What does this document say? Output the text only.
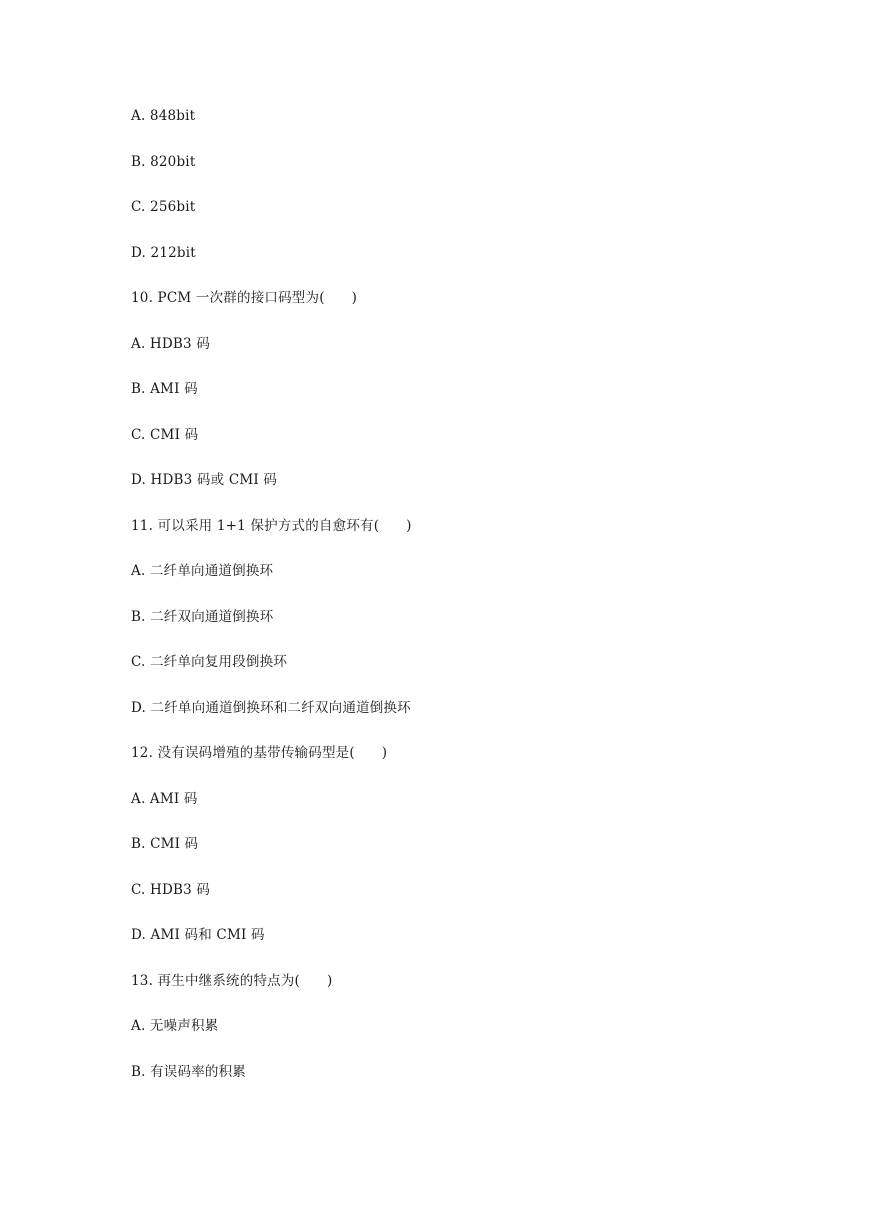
A. 848bit
B. 820bit
C. 256bit
D. 212bit
10. PCM 一次群的接口码型为(      )
A. HDB3 码
B. AMI 码
C. CMI 码
D. HDB3 码或 CMI 码
11. 可以采用 1+1 保护方式的自愈环有(      )
A. 二纤单向通道倒换环
B. 二纤双向通道倒换环
C. 二纤单向复用段倒换环
D. 二纤单向通道倒换环和二纤双向通道倒换环
12. 没有误码增殖的基带传输码型是(      )
A. AMI 码
B. CMI 码
C. HDB3 码
D. AMI 码和 CMI 码
13. 再生中继系统的特点为(      )
A. 无噪声积累
B. 有误码率的积累
